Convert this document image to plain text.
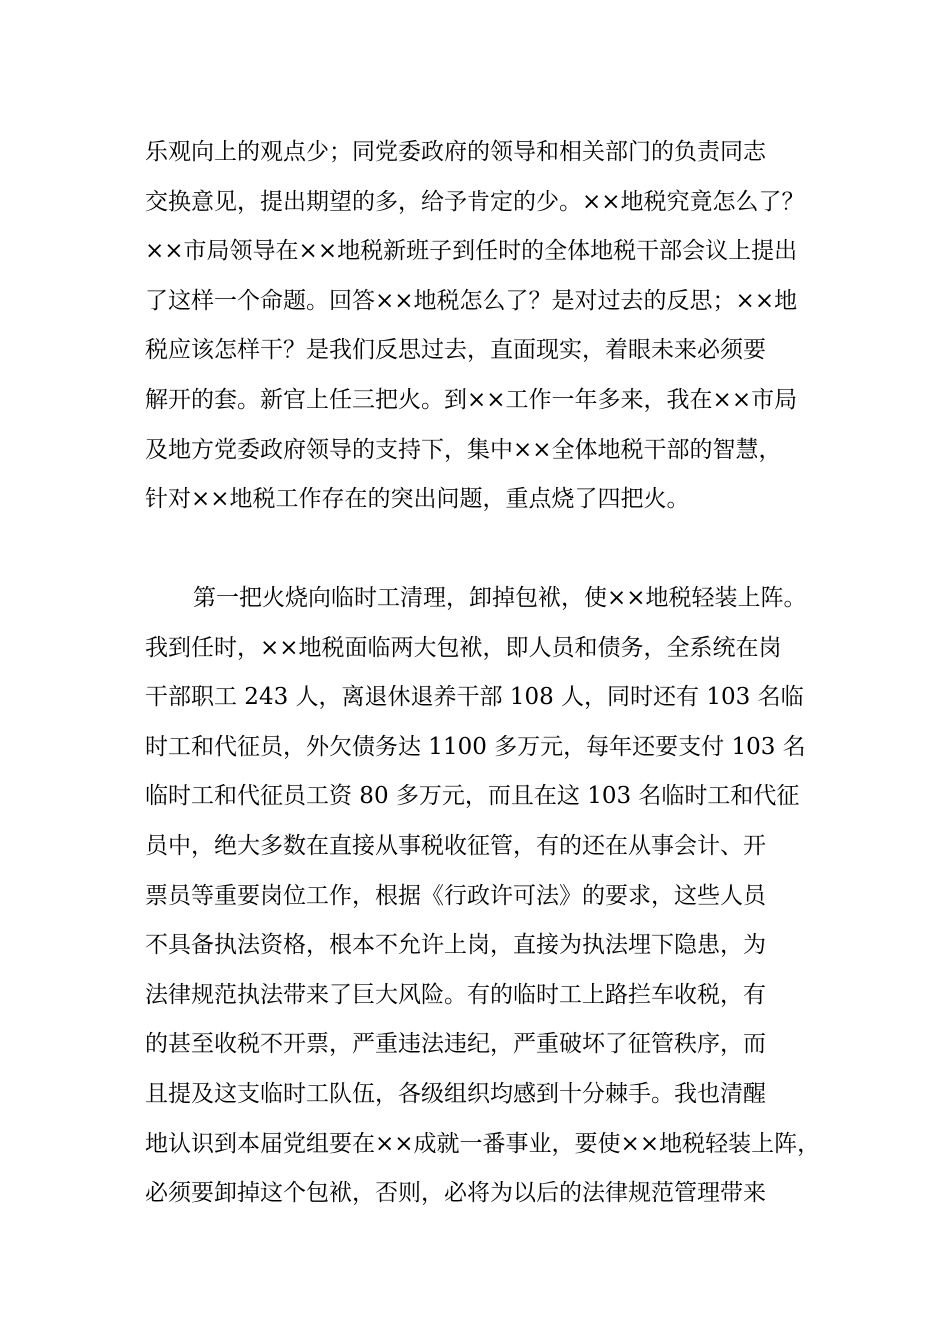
乐观向上的观点少；同党委政府的领导和相关部门的负责同志
交换意见，提出期望的多，给予肯定的少。××地税究竟怎么了？
××市局领导在××地税新班子到任时的全体地税干部会议上提出
了这样一个命题。回答××地税怎么了？是对过去的反思；××地
税应该怎样干？是我们反思过去，直面现实，着眼未来必须要
解开的套。新官上任三把火。到××工作一年多来，我在××市局
及地方党委政府领导的支持下，集中××全体地税干部的智慧，
针对××地税工作存在的突出问题，重点烧了四把火。
第一把火烧向临时工清理，卸掉包袱，使××地税轻装上阵。
我到任时，××地税面临两大包袱，即人员和债务，全系统在岗
干部职工 243 人，离退休退养干部 108 人，同时还有 103 名临
时工和代征员，外欠债务达 1100 多万元，每年还要支付 103 名
临时工和代征员工资 80 多万元，而且在这 103 名临时工和代征
员中，绝大多数在直接从事税收征管，有的还在从事会计、开
票员等重要岗位工作，根据《行政许可法》的要求，这些人员
不具备执法资格，根本不允许上岗，直接为执法埋下隐患，为
法律规范执法带来了巨大风险。有的临时工上路拦车收税，有
的甚至收税不开票，严重违法违纪，严重破坏了征管秩序，而
且提及这支临时工队伍，各级组织均感到十分棘手。我也清醒
地认识到本届党组要在××成就一番事业，要使××地税轻装上阵，
必须要卸掉这个包袱，否则，必将为以后的法律规范管理带来
